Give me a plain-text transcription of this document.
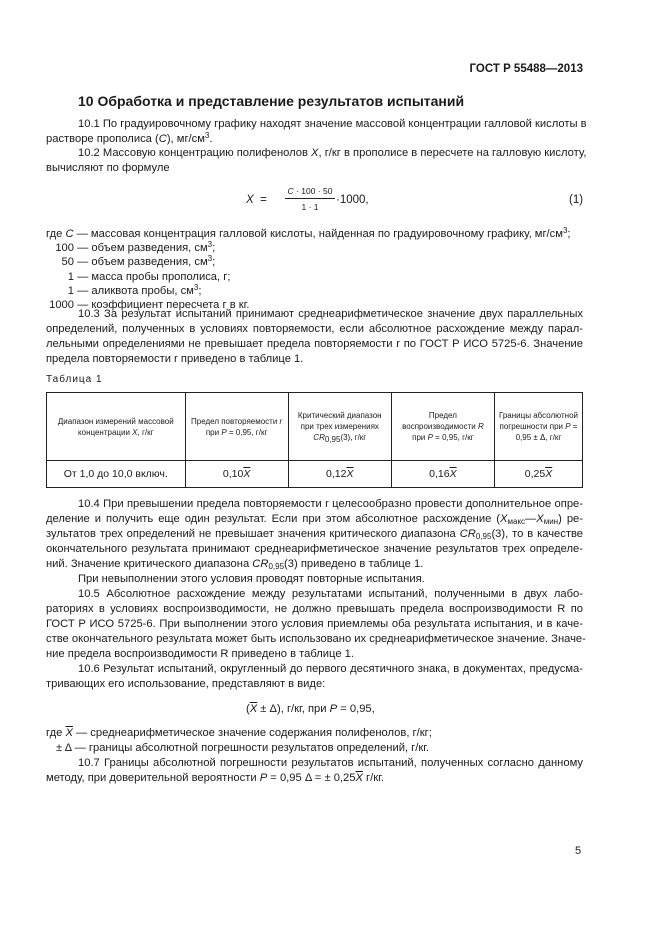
ГОСТ Р 55488—2013
10 Обработка и представление результатов испытаний
10.1 По градуировочному графику находят значение массовой концентрации галловой кислоты в
растворе прополиса (C), $мг/см^3$.
10.2 Массовую концентрацию полифенолов X, г/кг в прополисе в пересчете на галловую кислоту,
вычисляют по формуле
X =
C · 100 · 50
1 · 1
·1000,	(1)
где C — массовая концентрация галловой кислоты, найденная по градуировочному графику, $мг/см^3$;
100 — объем разведения, $см^3$;
50 — объем разведения, $см^3$;
1 — масса пробы прополиса, г;
1 — аликвота пробы, $см^3$;
1000 — коэффициент пересчета г в кг.
10.3 За результат испытаний принимают среднеарифметическое значение двух параллельных
определений, полученных в условиях повторяемости, если абсолютное расхождение между парал-
лельными определениями не превышает предела повторяемости r по ГОСТ Р ИСО 5725-6. Значение
предела повторяемости r приведено в таблице 1.
Таблица 1
Диапазон измерений массовой концентрации X, г/кг	Предел повторяемости r при P = 0,95, г/кг	Критический диапазон при трех измерениях $CR_{0,95}(3)$, г/кг	Предел воспроизводимости R при P = 0,95, г/кг	Границы абсолютной погрешности при P = 0,95 ± Δ, г/кг
От 1,0 до 10,0 включ.	$0,10\overline{X}$	$0,12\overline{X}$	$0,16\overline{X}$	$0,25\overline{X}$
10.4 При превышении предела повторяемости r целесообразно провести дополнительное опре-
деление и получить еще один результат. Если при этом абсолютное расхождение $(X_{макс}—X_{мин})$ ре-
зультатов трех определений не превышает значения критического диапазона $CR_{0,95}(3)$, то в качестве
окончательного результата принимают среднеарифметическое значение результатов трех определе-
ний. Значение критического диапазона $CR_{0,95}(3)$ приведено в таблице 1.
При невыполнении этого условия проводят повторные испытания.
10.5 Абсолютное расхождение между результатами испытаний, полученными в двух лабо-
раториях в условиях воспроизводимости, не должно превышать предела воспроизводимости R по
ГОСТ Р ИСО 5725-6. При выполнении этого условия приемлемы оба результата испытания, и в каче-
стве окончательного результата может быть использовано их среднеарифметическое значение. Значе-
ние предела воспроизводимости R приведено в таблице 1.
10.6 Результат испытаний, округленный до первого десятичного знака, в документах, предусма-
тривающих его использование, представляют в виде:
$(\overline{X} \pm \Delta)$, г/кг, при P = 0,95,
где $\overline{X}$ — среднеарифметическое значение содержания полифенолов, г/кг;
± Δ — границы абсолютной погрешности результатов определений, г/кг.
10.7 Границы абсолютной погрешности результатов испытаний, полученных согласно данному
методу, при доверительной вероятности P = 0,95 Δ = ± $0,25\overline{X}$ г/кг.
5
